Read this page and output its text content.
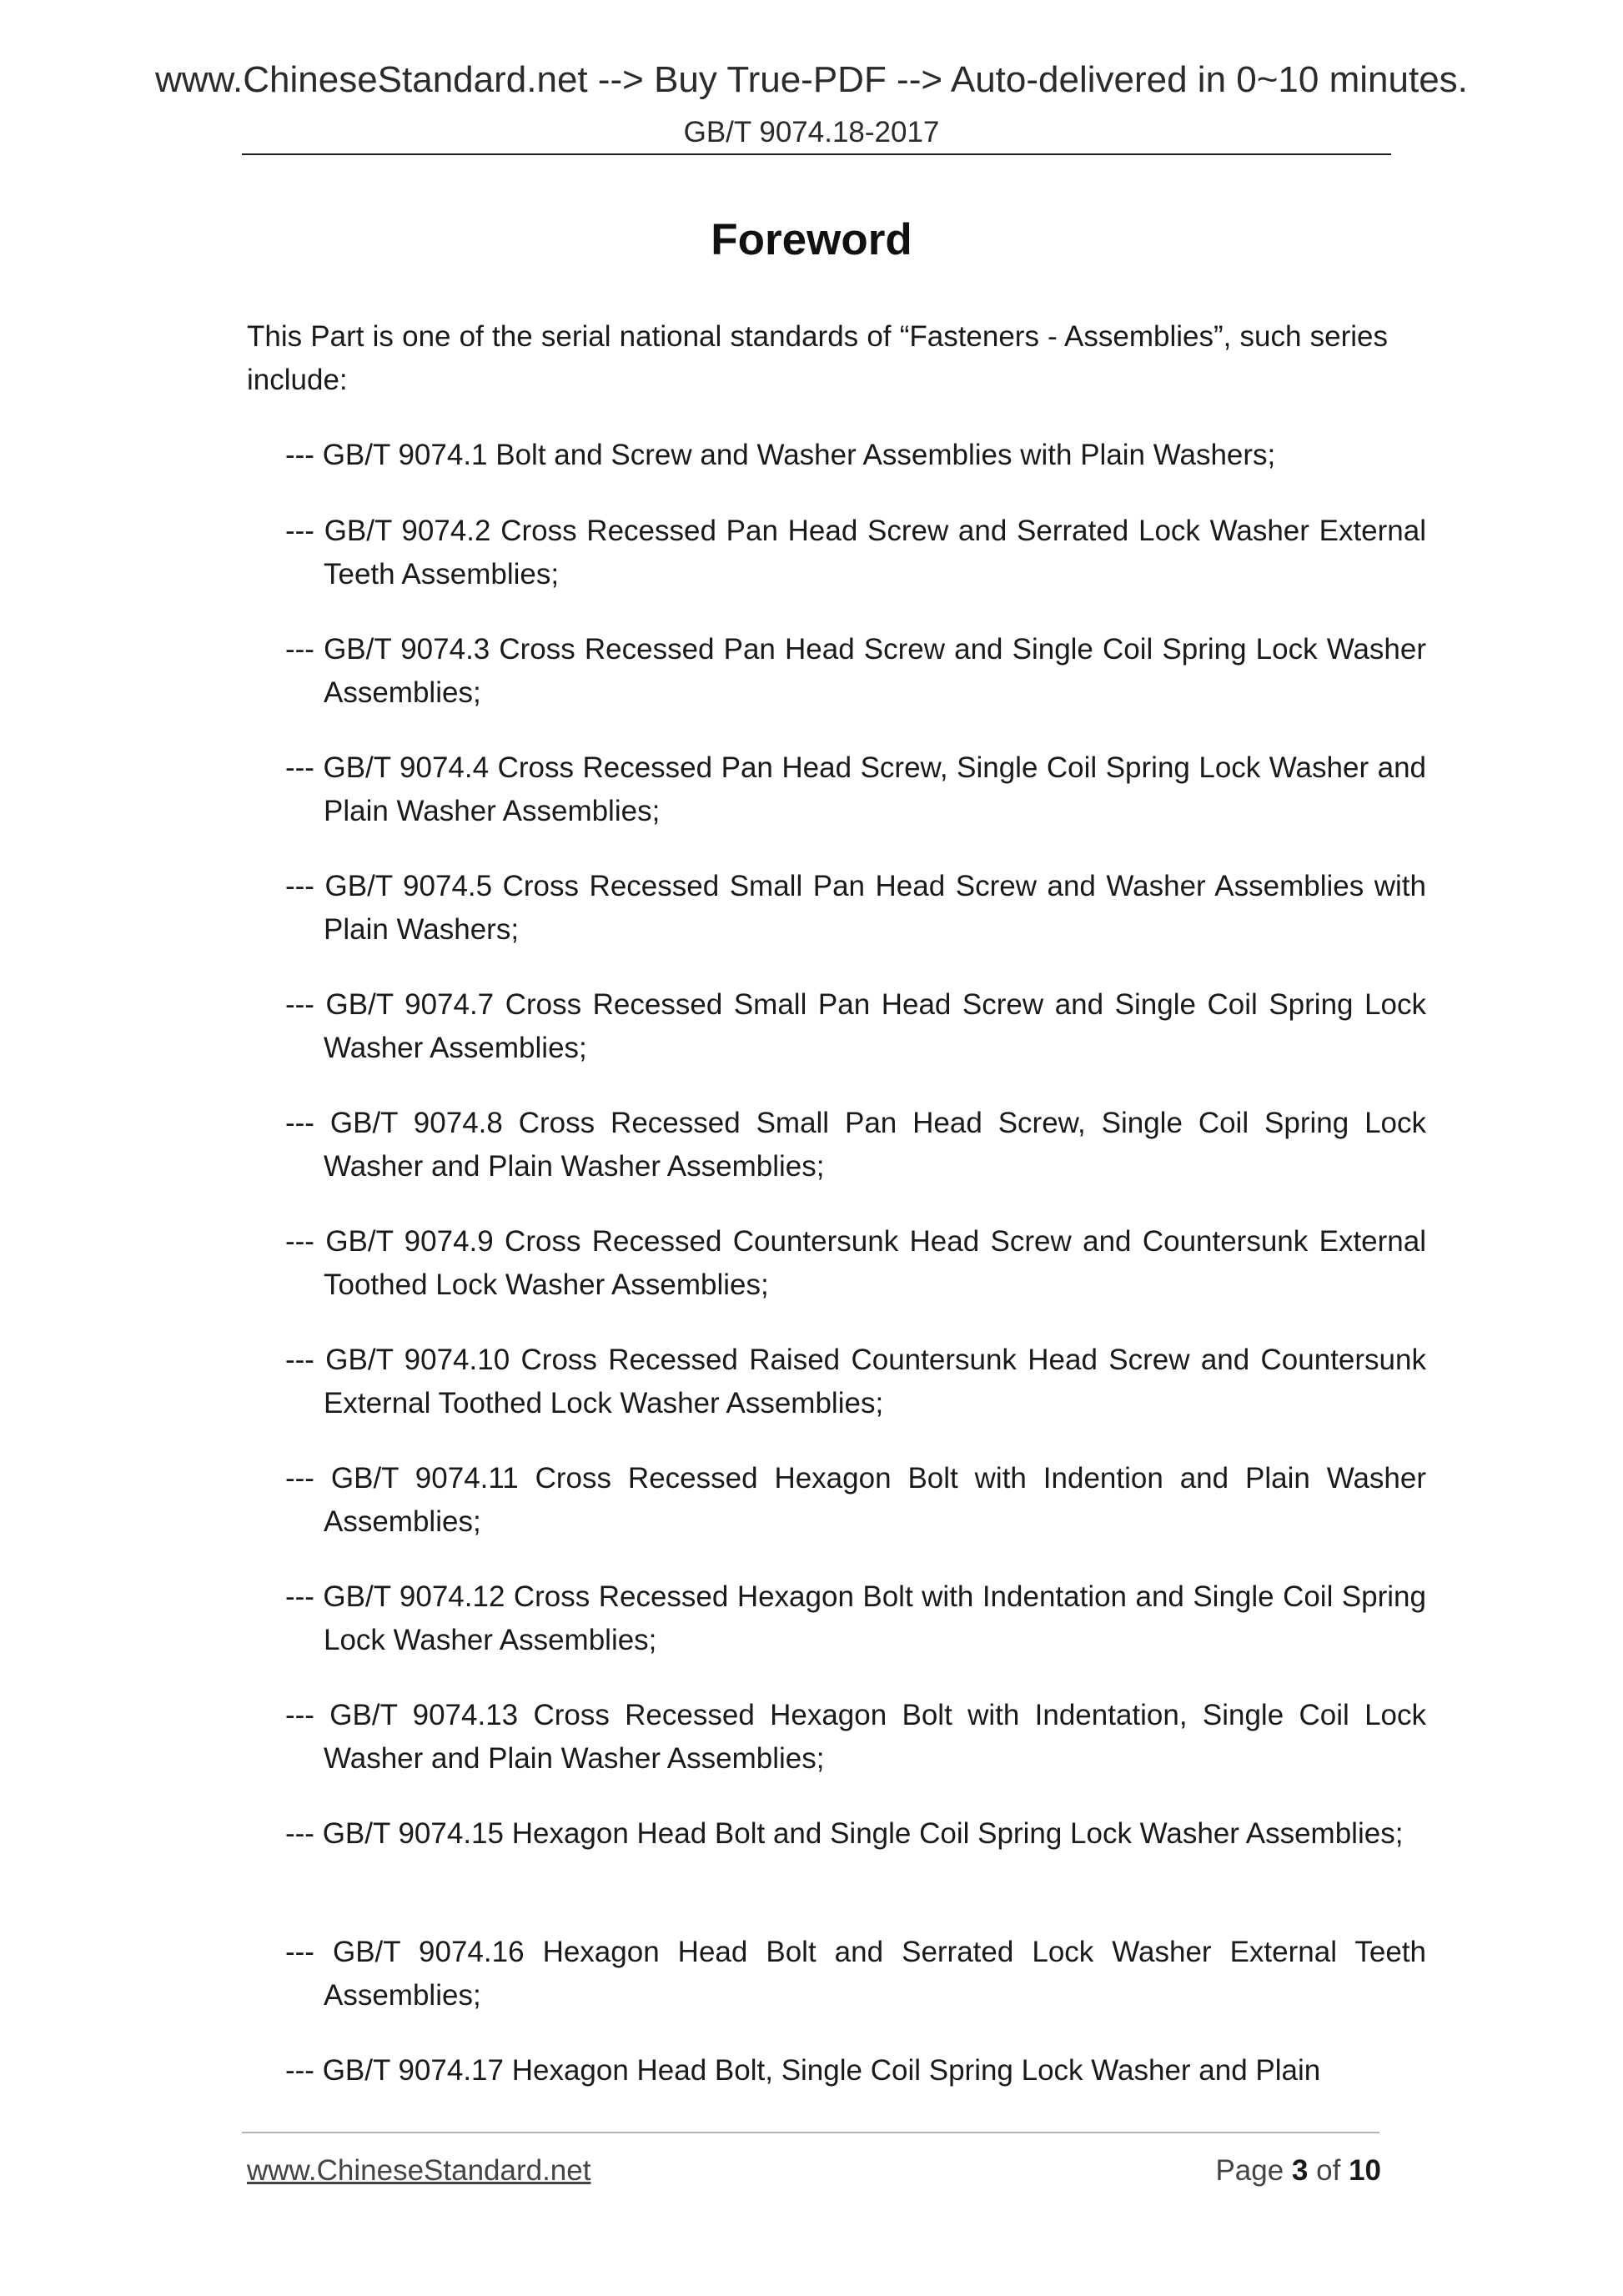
www.ChineseStandard.net --> Buy True-PDF --> Auto-delivered in 0~10 minutes.
GB/T 9074.18-2017
Foreword

This Part is one of the serial national standards of “Fasteners - Assemblies”, such series include:

--- GB/T 9074.1 Bolt and Screw and Washer Assemblies with Plain Washers;
--- GB/T 9074.2 Cross Recessed Pan Head Screw and Serrated Lock Washer External Teeth Assemblies;
--- GB/T 9074.3 Cross Recessed Pan Head Screw and Single Coil Spring Lock Washer Assemblies;
--- GB/T 9074.4 Cross Recessed Pan Head Screw, Single Coil Spring Lock Washer and Plain Washer Assemblies;
--- GB/T 9074.5 Cross Recessed Small Pan Head Screw and Washer Assemblies with Plain Washers;
--- GB/T 9074.7 Cross Recessed Small Pan Head Screw and Single Coil Spring Lock Washer Assemblies;
--- GB/T 9074.8 Cross Recessed Small Pan Head Screw, Single Coil Spring Lock Washer and Plain Washer Assemblies;
--- GB/T 9074.9 Cross Recessed Countersunk Head Screw and Countersunk External Toothed Lock Washer Assemblies;
--- GB/T 9074.10 Cross Recessed Raised Countersunk Head Screw and Countersunk External Toothed Lock Washer Assemblies;
--- GB/T 9074.11 Cross Recessed Hexagon Bolt with Indention and Plain Washer Assemblies;
--- GB/T 9074.12 Cross Recessed Hexagon Bolt with Indentation and Single Coil Spring Lock Washer Assemblies;
--- GB/T 9074.13 Cross Recessed Hexagon Bolt with Indentation, Single Coil Lock Washer and Plain Washer Assemblies;
--- GB/T 9074.15 Hexagon Head Bolt and Single Coil Spring Lock Washer Assemblies;
--- GB/T 9074.16 Hexagon Head Bolt and Serrated Lock Washer External Teeth Assemblies;
--- GB/T 9074.17 Hexagon Head Bolt, Single Coil Spring Lock Washer and Plain
www.ChineseStandard.net	Page 3 of 10
